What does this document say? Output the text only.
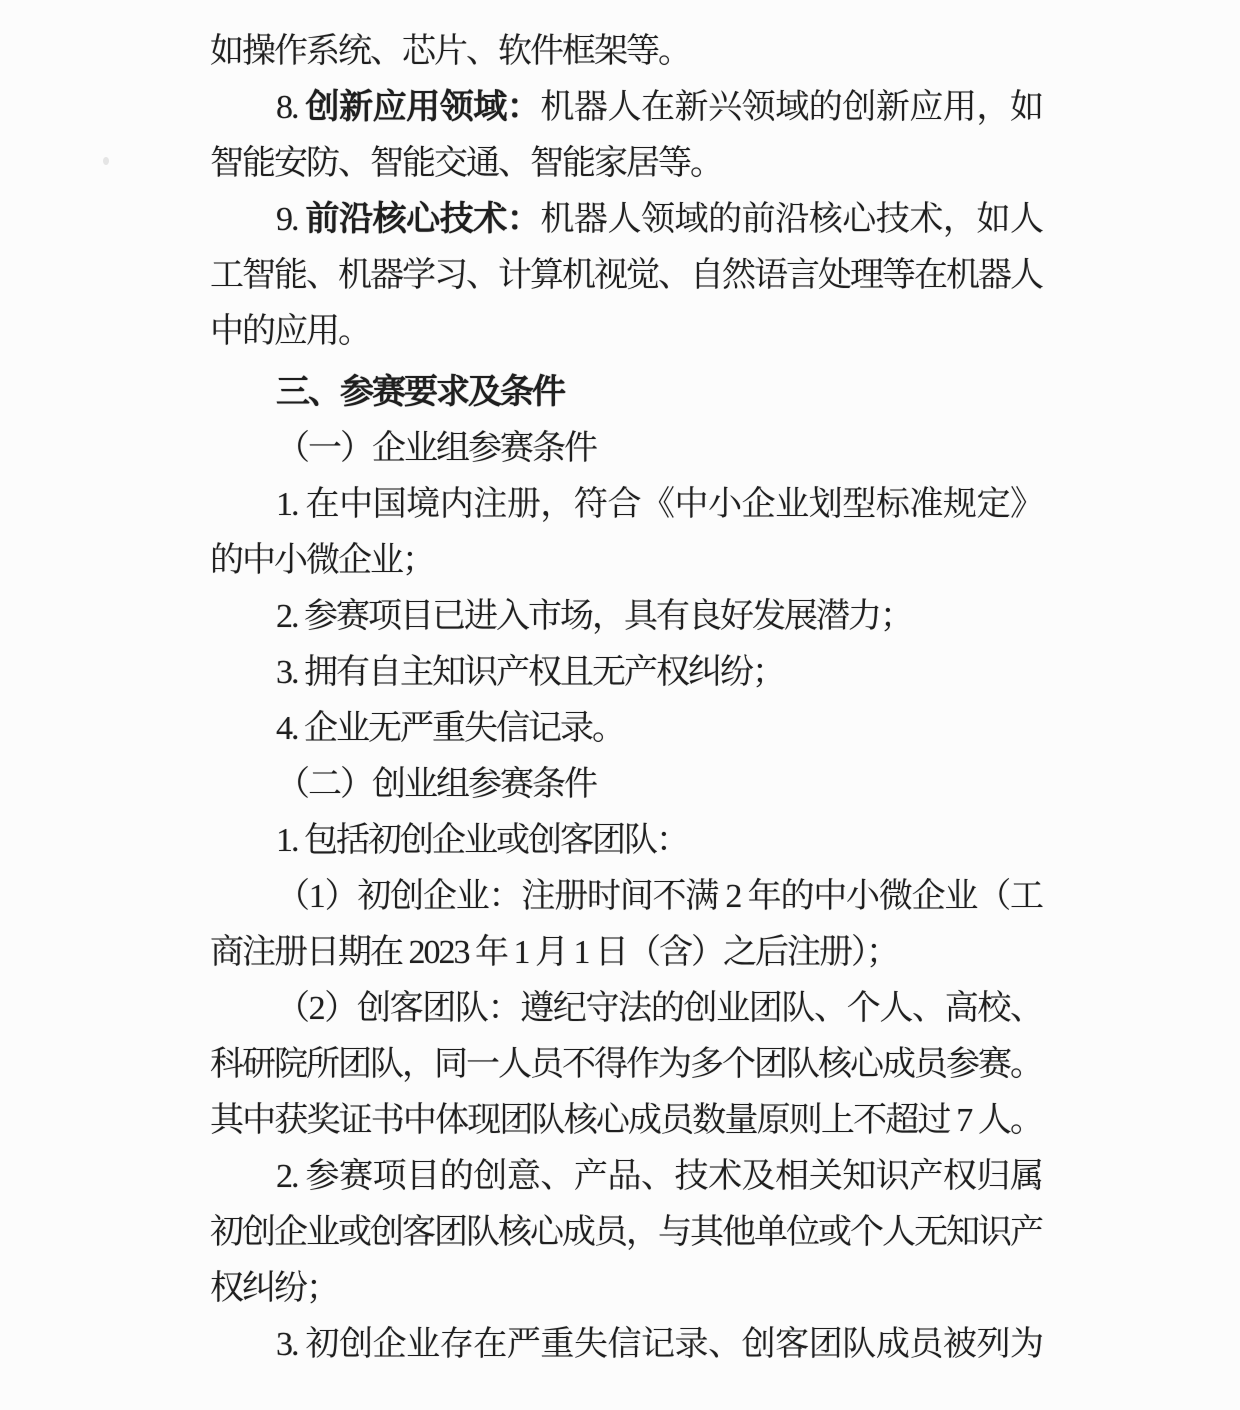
如操作系统、芯片、软件框架等。
8. 创新应用领域：机器人在新兴领域的创新应用，如
智能安防、智能交通、智能家居等。
9. 前沿核心技术：机器人领域的前沿核心技术，如人
工智能、机器学习、计算机视觉、自然语言处理等在机器人
中的应用。
三、参赛要求及条件
（一）企业组参赛条件
1. 在中国境内注册，符合《中小企业划型标准规定》
的中小微企业；
2. 参赛项目已进入市场，具有良好发展潜力；
3. 拥有自主知识产权且无产权纠纷；
4. 企业无严重失信记录。
（二）创业组参赛条件
1. 包括初创企业或创客团队：
（1）初创企业：注册时间不满 2 年的中小微企业（工
商注册日期在 2023 年 1 月 1 日（含）之后注册）；
（2）创客团队：遵纪守法的创业团队、个人、高校、
科研院所团队，同一人员不得作为多个团队核心成员参赛。
其中获奖证书中体现团队核心成员数量原则上不超过 7 人。
2. 参赛项目的创意、产品、技术及相关知识产权归属
初创企业或创客团队核心成员，与其他单位或个人无知识产
权纠纷；
3. 初创企业存在严重失信记录、创客团队成员被列为
